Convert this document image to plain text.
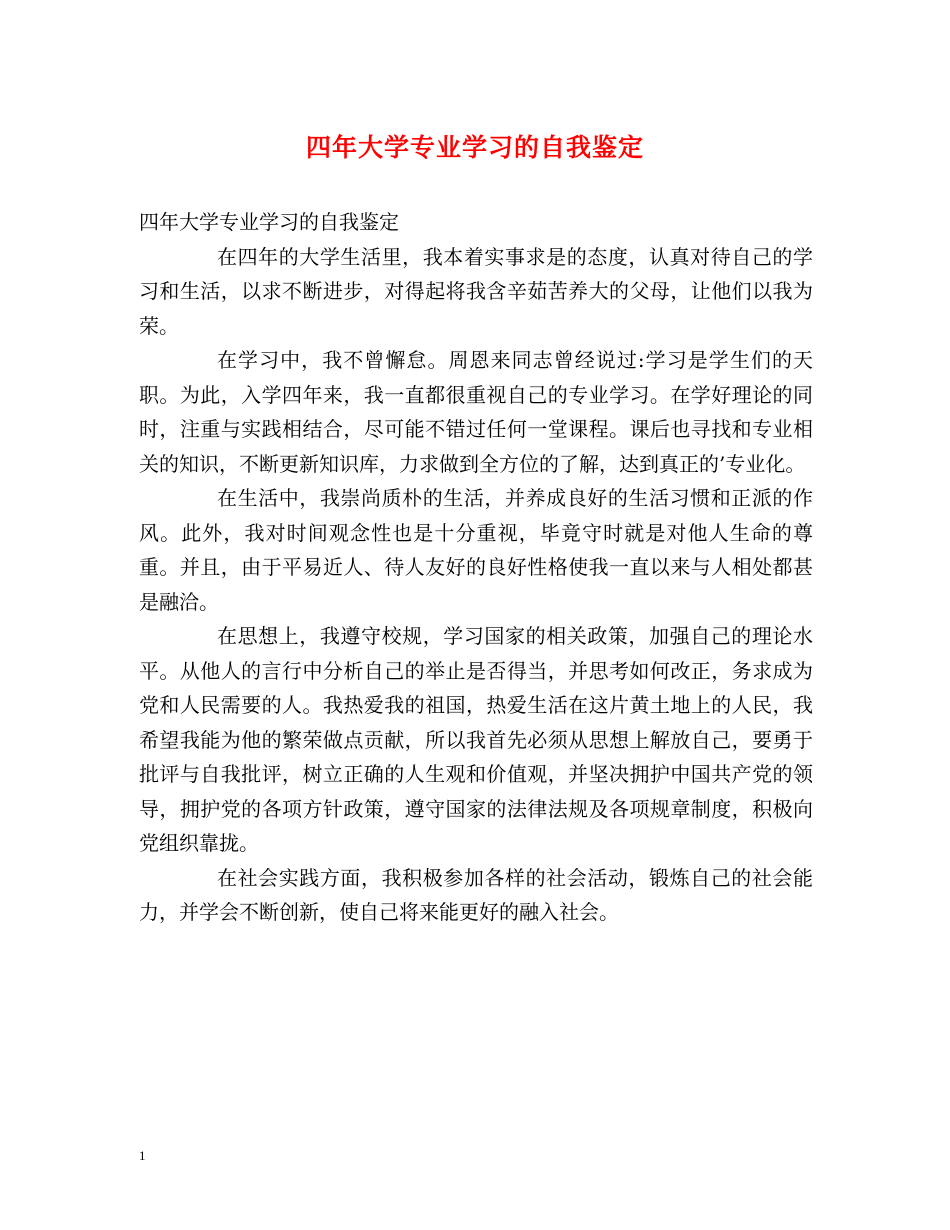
四年大学专业学习的自我鉴定

四年大学专业学习的自我鉴定

在四年的大学生活里，我本着实事求是的态度，认真对待自己的学习和生活，以求不断进步，对得起将我含辛茹苦养大的父母，让他们以我为荣。

在学习中，我不曾懈怠。周恩来同志曾经说过:学习是学生们的天职。为此，入学四年来，我一直都很重视自己的专业学习。在学好理论的同时，注重与实践相结合，尽可能不错过任何一堂课程。课后也寻找和专业相关的知识，不断更新知识库，力求做到全方位的了解，达到真正的’专业化。

在生活中，我崇尚质朴的生活，并养成良好的生活习惯和正派的作风。此外，我对时间观念性也是十分重视，毕竟守时就是对他人生命的尊重。并且，由于平易近人、待人友好的良好性格使我一直以来与人相处都甚是融洽。

在思想上，我遵守校规，学习国家的相关政策，加强自己的理论水平。从他人的言行中分析自己的举止是否得当，并思考如何改正，务求成为党和人民需要的人。我热爱我的祖国，热爱生活在这片黄土地上的人民，我希望我能为他的繁荣做点贡献，所以我首先必须从思想上解放自己，要勇于批评与自我批评，树立正确的人生观和价值观，并坚决拥护中国共产党的领导，拥护党的各项方针政策，遵守国家的法律法规及各项规章制度，积极向党组织靠拢。

在社会实践方面，我积极参加各样的社会活动，锻炼自己的社会能力，并学会不断创新，使自己将来能更好的融入社会。

1
